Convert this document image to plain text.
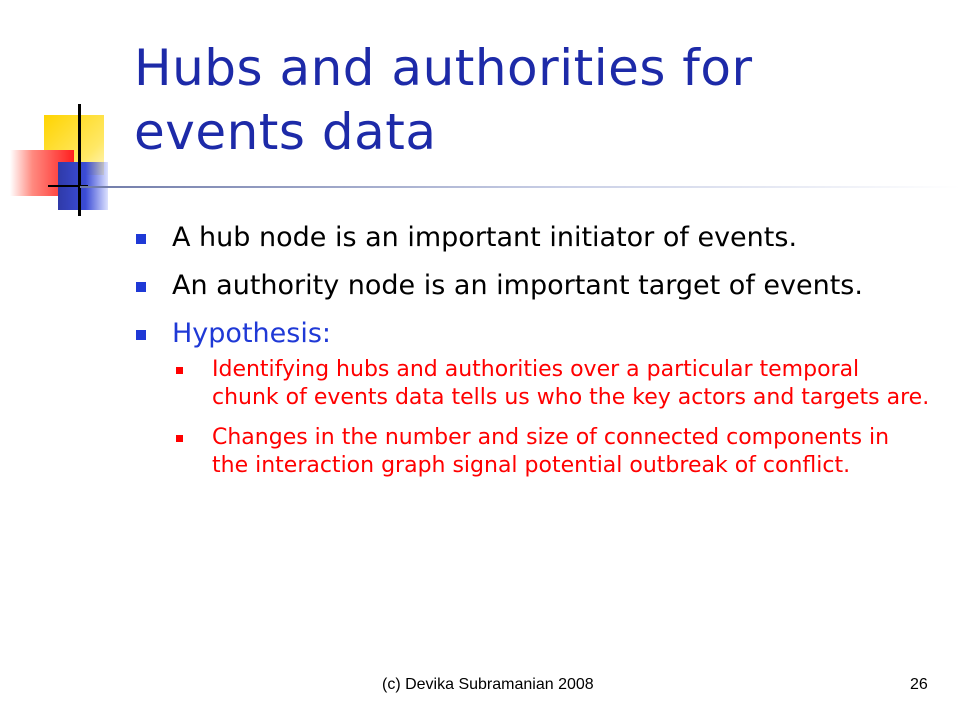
Hubs and authorities for events data
A hub node is an important initiator of events.
An authority node is an important target of events.
Hypothesis:
Identifying hubs and authorities over a particular temporal chunk of events data tells us who the key actors and targets are.
Changes in the number and size of connected components in the interaction graph signal potential outbreak of conflict.
(c) Devika Subramanian 2008	26
